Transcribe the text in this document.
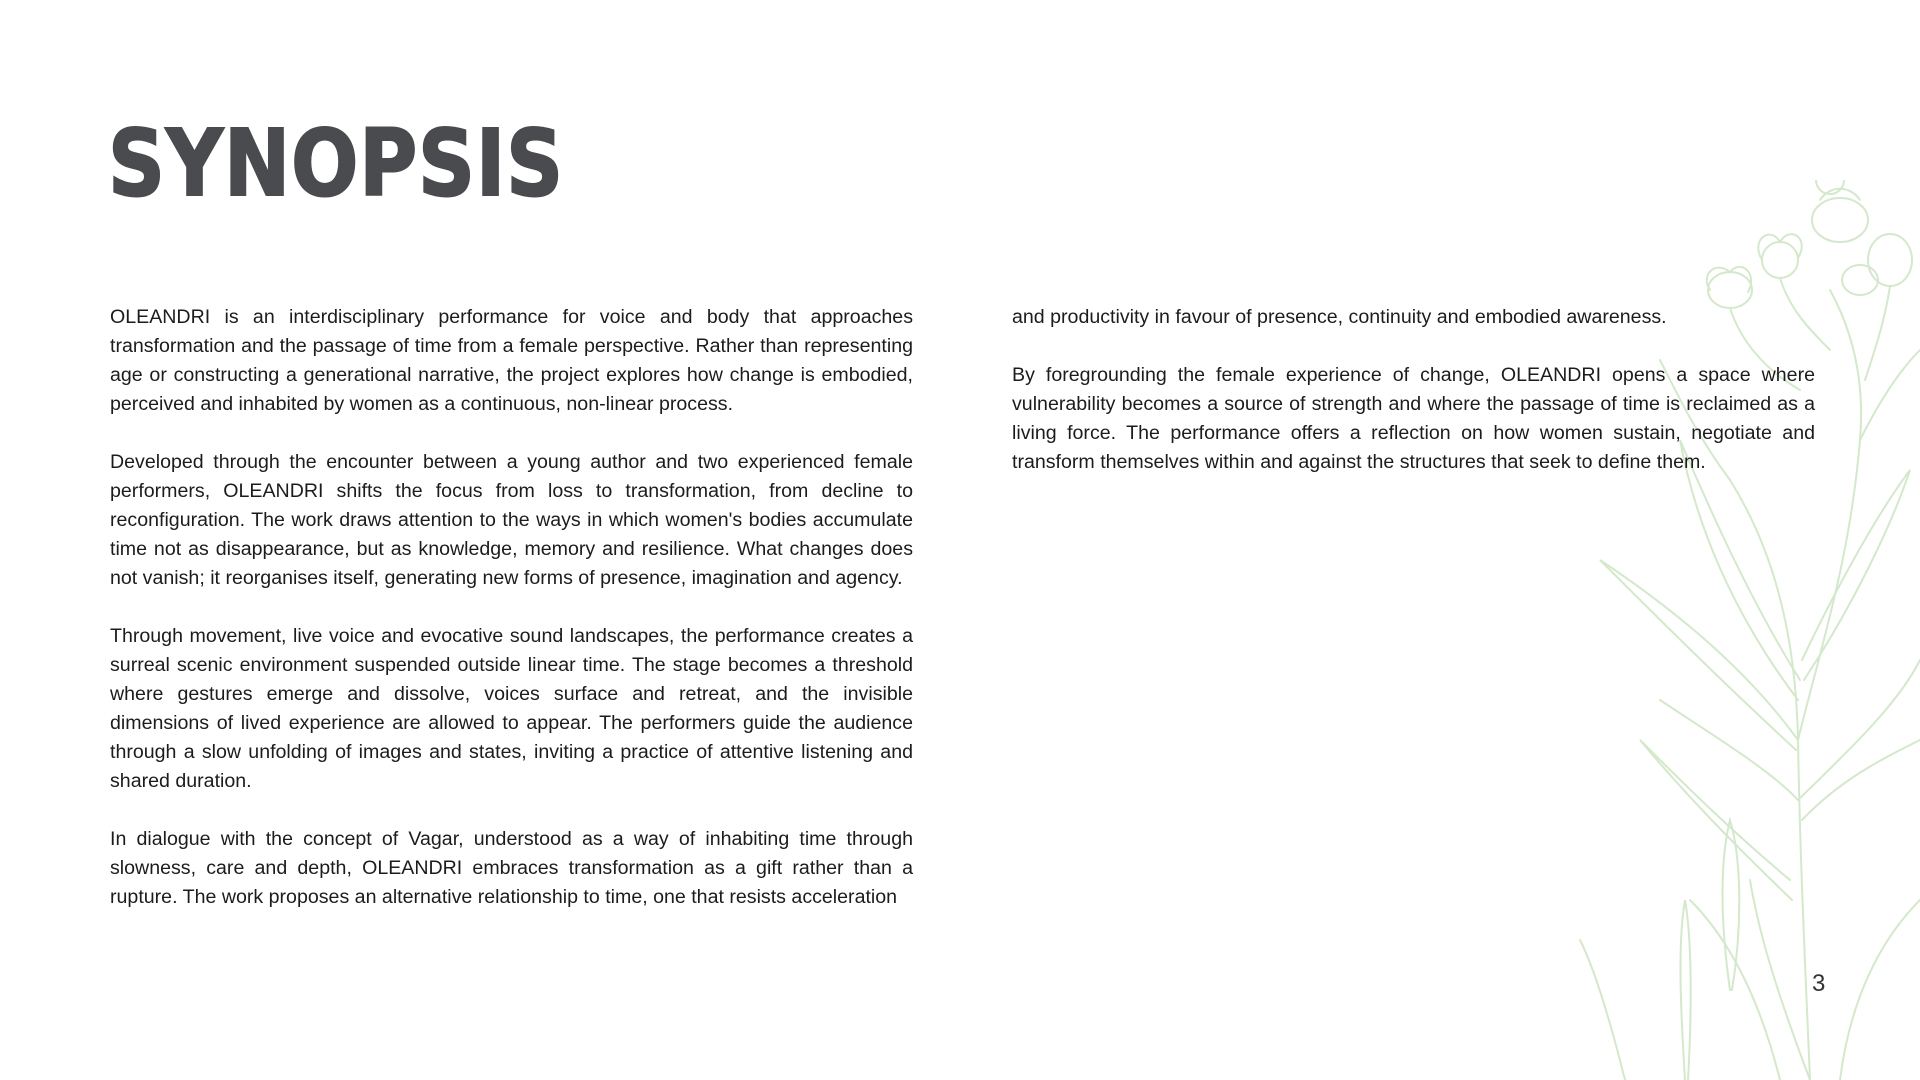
SYNOPSIS

OLEANDRI is an interdisciplinary performance for voice and body that approaches transformation and the passage of time from a female perspective. Rather than representing age or constructing a generational narrative, the project explores how change is embodied, perceived and inhabited by women as a continuous, non-linear process.

Developed through the encounter between a young author and two experienced female performers, OLEANDRI shifts the focus from loss to transformation, from decline to reconfiguration. The work draws attention to the ways in which women's bodies accumulate time not as disappearance, but as knowledge, memory and resilience. What changes does not vanish; it reorganises itself, generating new forms of presence, imagination and agency.

Through movement, live voice and evocative sound landscapes, the performance creates a surreal scenic environment suspended outside linear time. The stage becomes a threshold where gestures emerge and dissolve, voices surface and retreat, and the invisible dimensions of lived experience are allowed to appear. The performers guide the audience through a slow unfolding of images and states, inviting a practice of attentive listening and shared duration.

In dialogue with the concept of Vagar, understood as a way of inhabiting time through slowness, care and depth, OLEANDRI embraces transformation as a gift rather than a rupture. The work proposes an alternative relationship to time, one that resists acceleration

and productivity in favour of presence, continuity and embodied awareness.

By foregrounding the female experience of change, OLEANDRI opens a space where vulnerability becomes a source of strength and where the passage of time is reclaimed as a living force. The performance offers a reflection on how women sustain, negotiate and transform themselves within and against the structures that seek to define them.

3
